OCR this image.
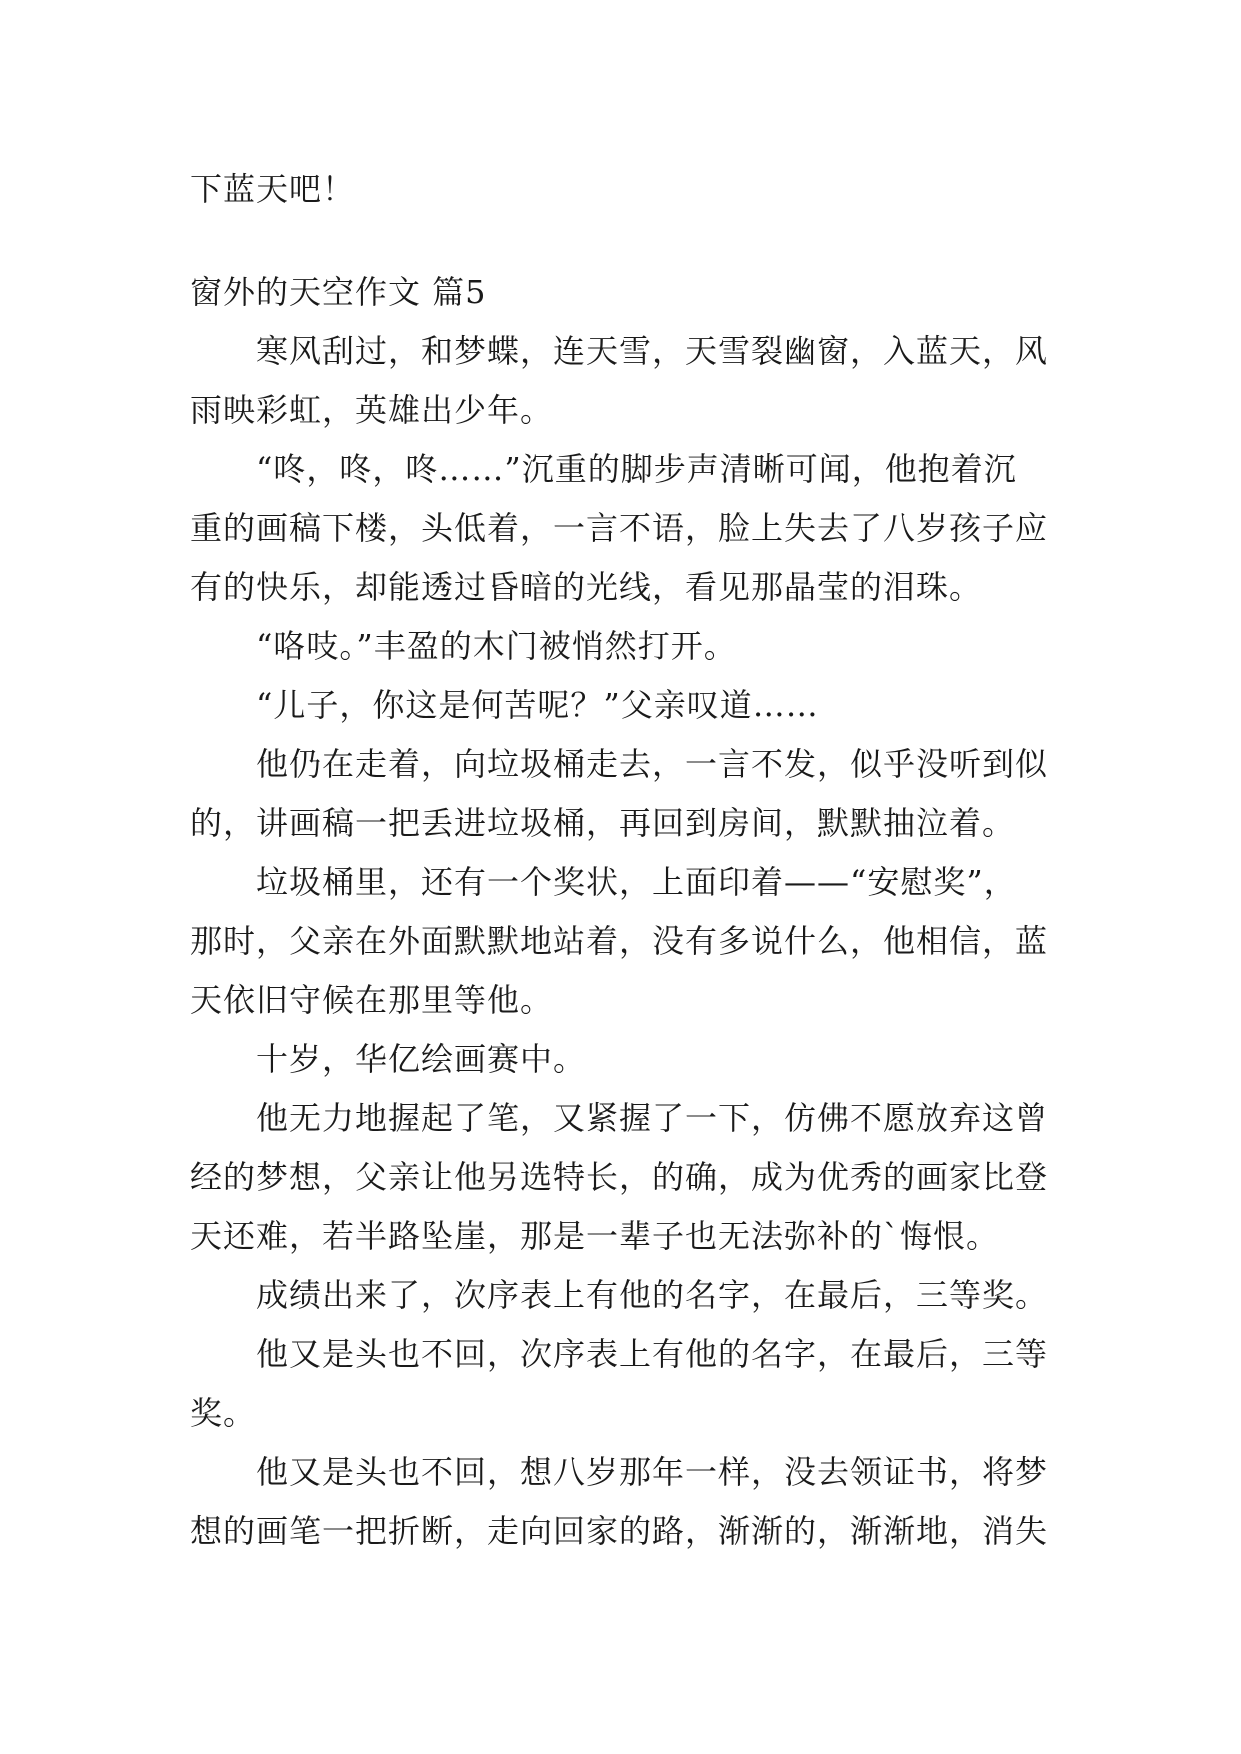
下蓝天吧！
窗外的天空作文 篇5
寒风刮过，和梦蝶，连天雪，天雪裂幽窗，入蓝天，风
雨映彩虹，英雄出少年。
“咚，咚，咚……”沉重的脚步声清晰可闻，他抱着沉
重的画稿下楼，头低着，一言不语，脸上失去了八岁孩子应
有的快乐，却能透过昏暗的光线，看见那晶莹的泪珠。
“咯吱。”丰盈的木门被悄然打开。
“儿子，你这是何苦呢？”父亲叹道……
他仍在走着，向垃圾桶走去，一言不发，似乎没听到似
的，讲画稿一把丢进垃圾桶，再回到房间，默默抽泣着。
垃圾桶里，还有一个奖状，上面印着——“安慰奖”，
那时，父亲在外面默默地站着，没有多说什么，他相信，蓝
天依旧守候在那里等他。
十岁，华亿绘画赛中。
他无力地握起了笔，又紧握了一下，仿佛不愿放弃这曾
经的梦想，父亲让他另选特长，的确，成为优秀的画家比登
天还难，若半路坠崖，那是一辈子也无法弥补的`悔恨。
成绩出来了，次序表上有他的名字，在最后，三等奖。
他又是头也不回，次序表上有他的名字，在最后，三等
奖。
他又是头也不回，想八岁那年一样，没去领证书，将梦
想的画笔一把折断，走向回家的路，渐渐的，渐渐地，消失
